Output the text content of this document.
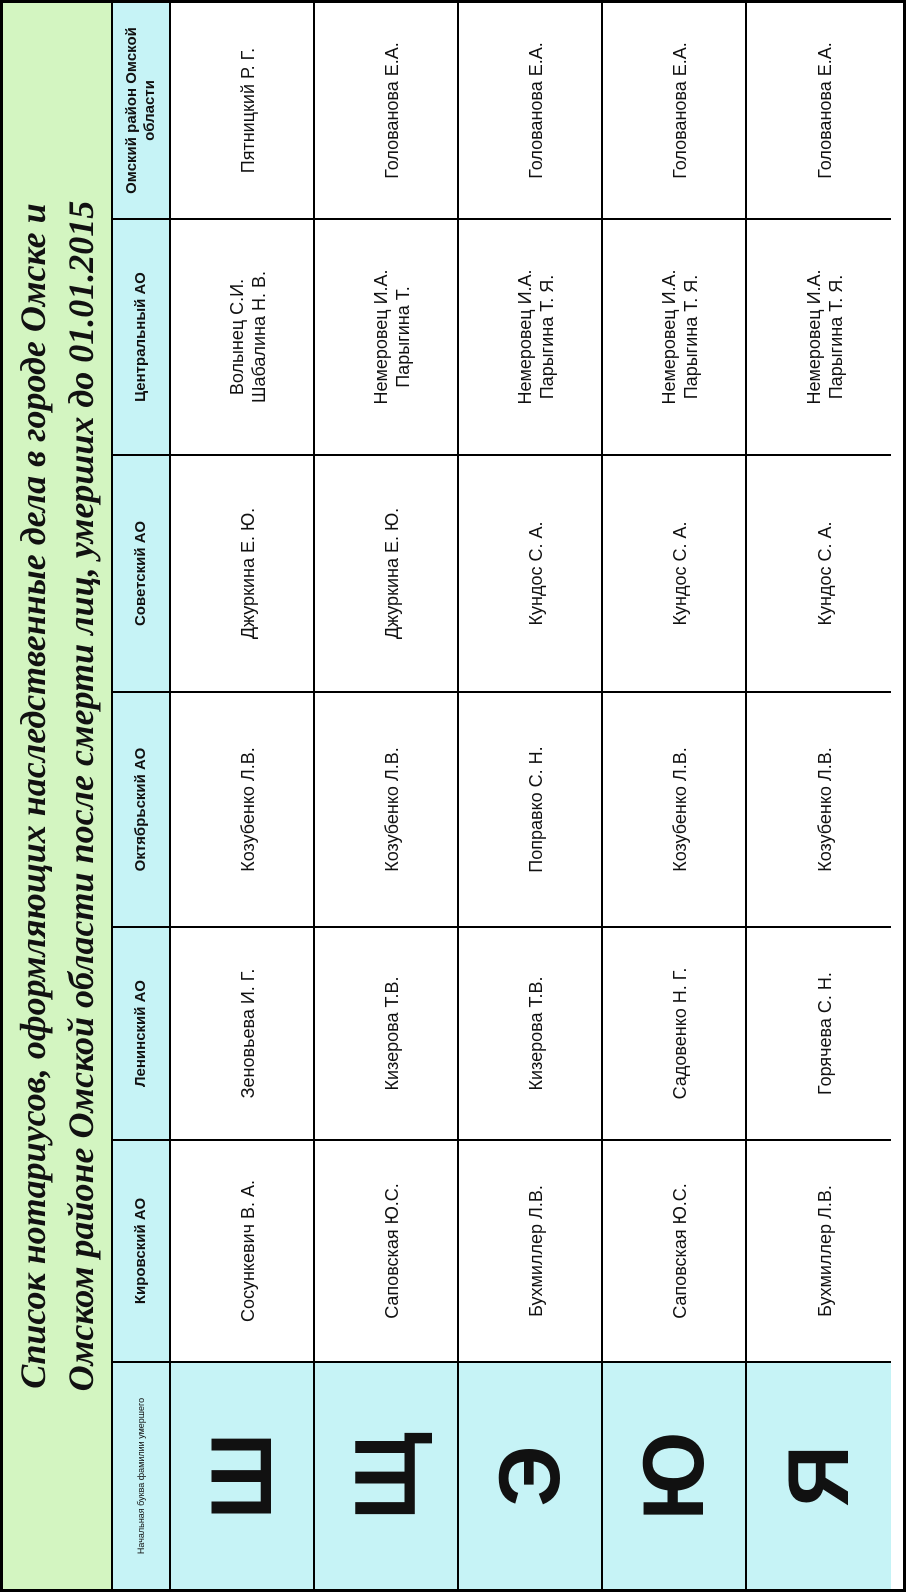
Список нотариусов, оформляющих наследственные дела в городе Омске и Омском районе Омской области после смерти лиц, умерших до 01.01.2015
Начальная буква фамилии умершего
Кировский АО
Ленинский АО
Октябрьский АО
Советский АО
Центральный АО
Омский район Омской области
Ш
Сосункевич В. А.
Зеновьева И. Г.
Козубенко Л.В.
Джуркина Е. Ю.
Волынец С.И. Шабалина Н. В.
Пятницкий Р. Г.
Щ
Саповская Ю.С.
Кизерова Т.В.
Козубенко Л.В.
Джуркина Е. Ю.
Немеровец И.А. Парыгина Т.
Голованова Е.А.
Э
Бухмиллер Л.В.
Кизерова Т.В.
Поправко С. Н.
Кундос С. А.
Немеровец И.А. Парыгина Т. Я.
Голованова Е.А.
Ю
Саповская Ю.С.
Садовенко Н. Г.
Козубенко Л.В.
Кундос С. А.
Немеровец И.А. Парыгина Т. Я.
Голованова Е.А.
Я
Бухмиллер Л.В.
Горячева С. Н.
Козубенко Л.В.
Кундос С. А.
Немеровец И.А. Парыгина Т. Я.
Голованова Е.А.
